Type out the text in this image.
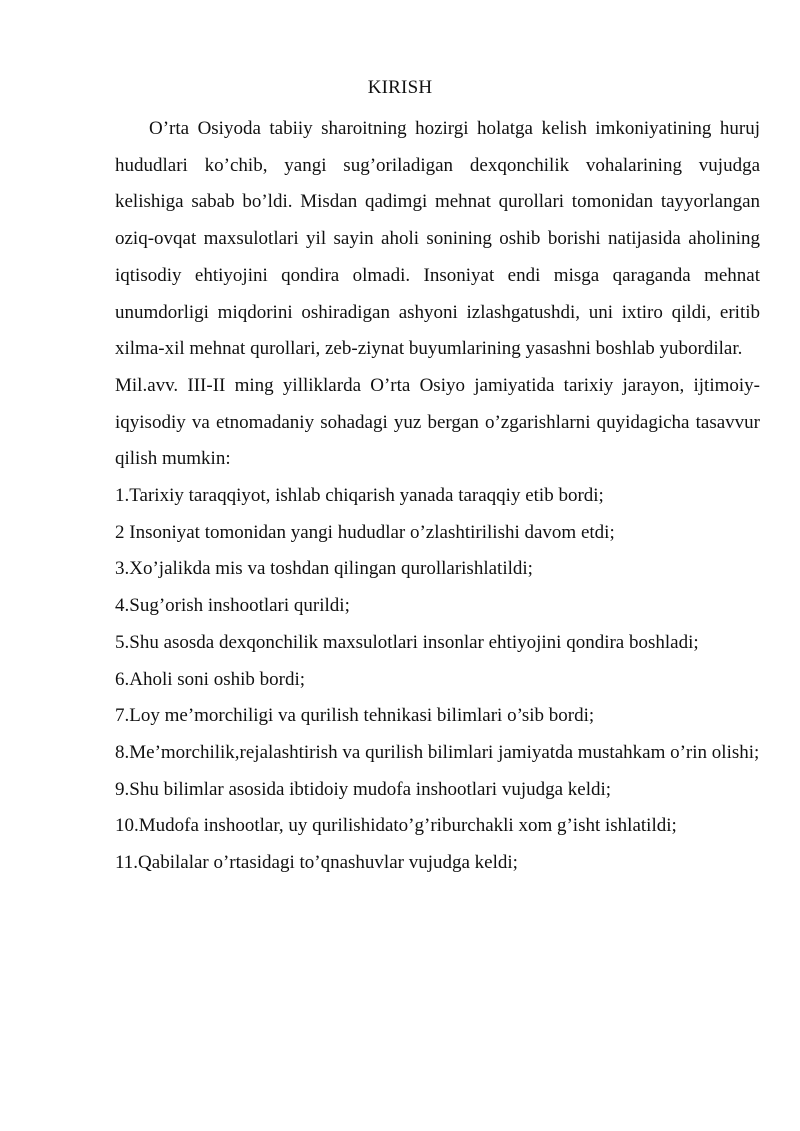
KIRISH

O’rta Osiyoda tabiiy sharoitning hozirgi holatga kelish imkoniyatining huruj hududlari ko’chib, yangi sug’oriladigan dexqonchilik vohalarining vujudga kelishiga sabab bo’ldi. Misdan qadimgi mehnat qurollari tomonidan tayyorlangan oziq-ovqat maxsulotlari yil sayin aholi sonining oshib borishi natijasida aholining iqtisodiy ehtiyojini qondira olmadi. Insoniyat endi misga qaraganda mehnat unumdorligi miqdorini oshiradigan ashyoni izlashgatushdi, uni ixtiro qildi, eritib xilma-xil mehnat qurollari, zeb-ziynat buyumlarining yasashni boshlab yubordilar.

Mil.avv. III-II ming yilliklarda O’rta Osiyo jamiyatida tarixiy jarayon, ijtimoiy-iqyisodiy va etnomadaniy sohadagi yuz bergan o’zgarishlarni quyidagicha tasavvur qilish mumkin:

1.Tarixiy taraqqiyot, ishlab chiqarish yanada taraqqiy etib bordi;
2 Insoniyat tomonidan yangi hududlar o’zlashtirilishi davom etdi;
3.Xo’jalikda mis va toshdan qilingan qurollarishlatildi;
4.Sug’orish inshootlari qurildi;
5.Shu asosda dexqonchilik maxsulotlari insonlar ehtiyojini qondira boshladi;
6.Aholi soni oshib bordi;
7.Loy me’morchiligi va qurilish tehnikasi bilimlari o’sib bordi;
8.Me’morchilik,rejalashtirish va qurilish bilimlari jamiyatda mustahkam o’rin olishi;
9.Shu bilimlar asosida ibtidoiy mudofa inshootlari vujudga keldi;
10.Mudofa inshootlar, uy qurilishidato’g’riburchakli xom g’isht ishlatildi;
11.Qabilalar o’rtasidagi to’qnashuvlar vujudga keldi;
